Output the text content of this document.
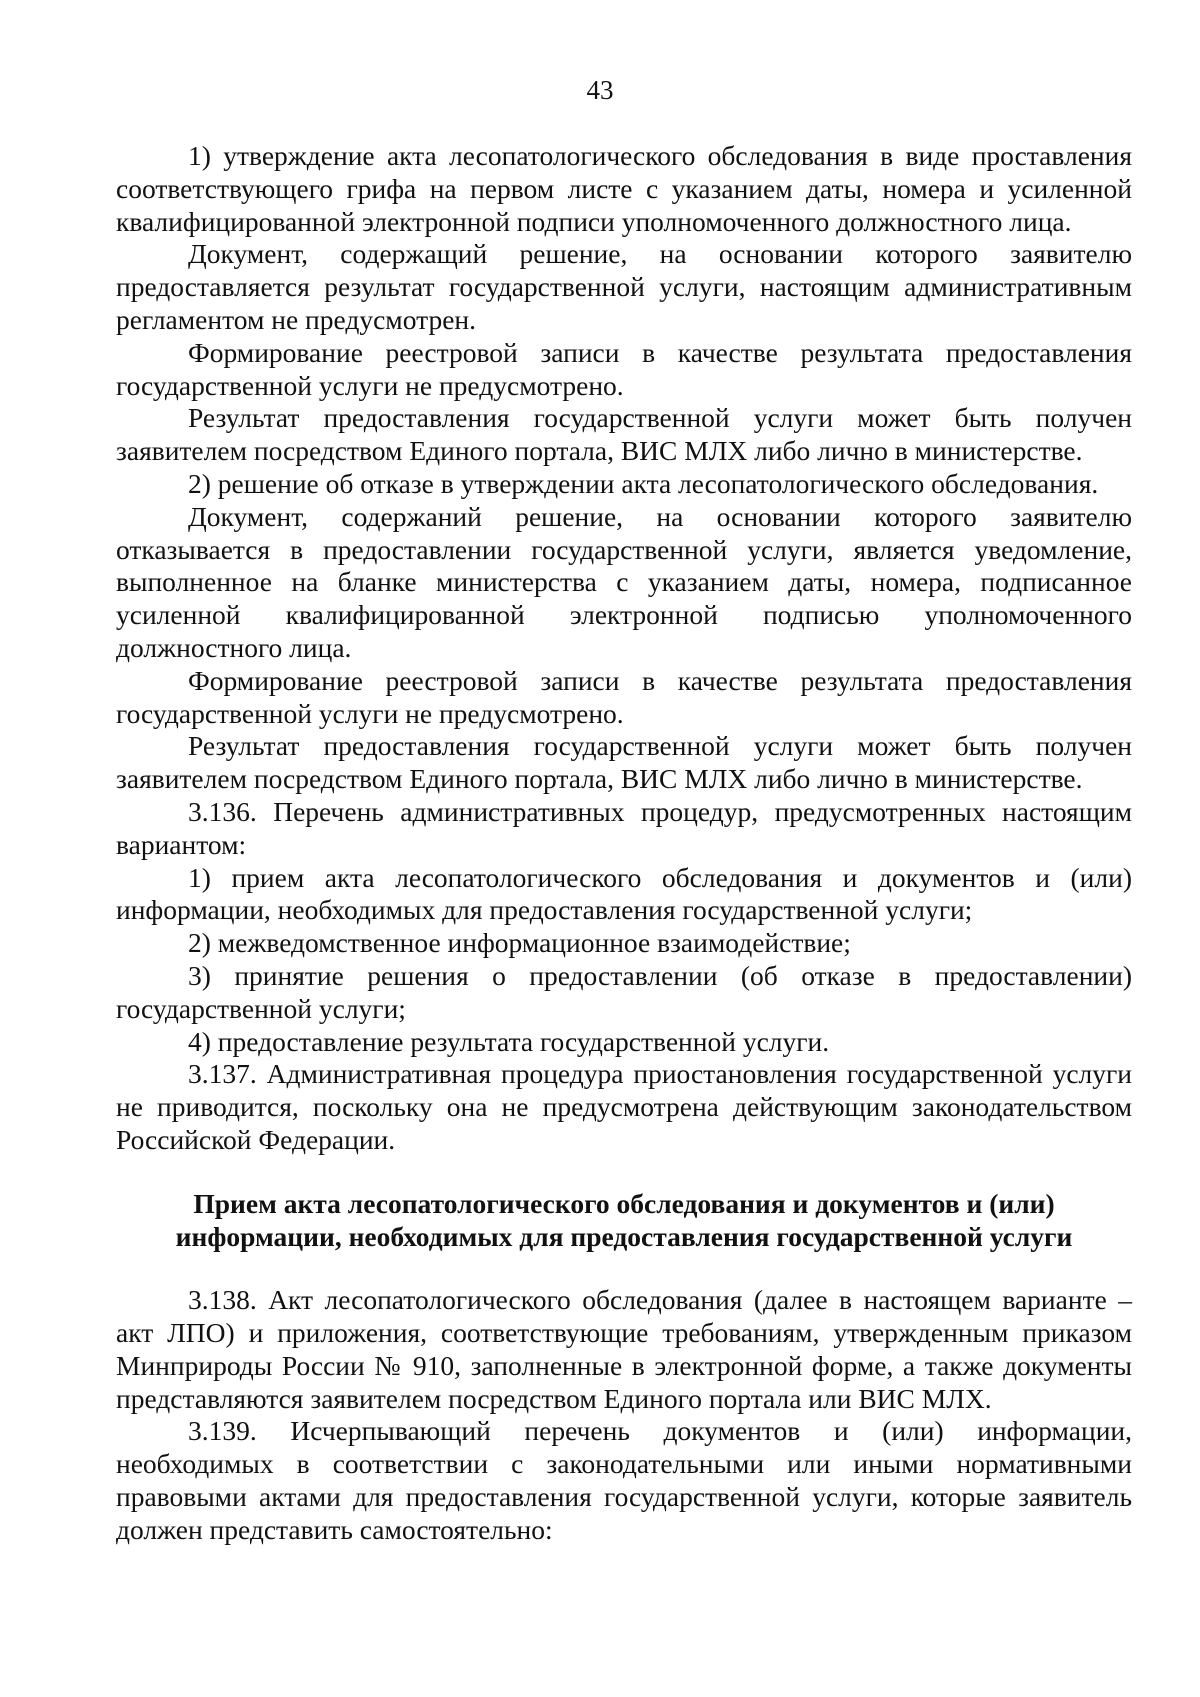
43

1) утверждение акта лесопатологического обследования в виде проставления соответствующего грифа на первом листе с указанием даты, номера и усиленной квалифицированной электронной подписи уполномоченного должностного лица.

Документ, содержащий решение, на основании которого заявителю предоставляется результат государственной услуги, настоящим административным регламентом не предусмотрен.

Формирование реестровой записи в качестве результата предоставления государственной услуги не предусмотрено.

Результат предоставления государственной услуги может быть получен заявителем посредством Единого портала, ВИС МЛХ либо лично в министерстве.

2) решение об отказе в утверждении акта лесопатологического обследования.

Документ, содержаний решение, на основании которого заявителю отказывается в предоставлении государственной услуги, является уведомление, выполненное на бланке министерства с указанием даты, номера, подписанное усиленной квалифицированной электронной подписью уполномоченного должностного лица.

Формирование реестровой записи в качестве результата предоставления государственной услуги не предусмотрено.

Результат предоставления государственной услуги может быть получен заявителем посредством Единого портала, ВИС МЛХ либо лично в министерстве.

3.136. Перечень административных процедур, предусмотренных настоящим вариантом:

1) прием акта лесопатологического обследования и документов и (или) информации, необходимых для предоставления государственной услуги;

2) межведомственное информационное взаимодействие;

3) принятие решения о предоставлении (об отказе в предоставлении) государственной услуги;

4) предоставление результата государственной услуги.

3.137. Административная процедура приостановления государственной услуги не приводится, поскольку она не предусмотрена действующим законодательством Российской Федерации.

Прием акта лесопатологического обследования и документов и (или) информации, необходимых для предоставления государственной услуги

3.138. Акт лесопатологического обследования (далее в настоящем варианте – акт ЛПО) и приложения, соответствующие требованиям, утвержденным приказом Минприроды России № 910, заполненные в электронной форме, а также документы представляются заявителем посредством Единого портала или ВИС МЛХ.

3.139. Исчерпывающий перечень документов и (или) информации, необходимых в соответствии с законодательными или иными нормативными правовыми актами для предоставления государственной услуги, которые заявитель должен представить самостоятельно:
